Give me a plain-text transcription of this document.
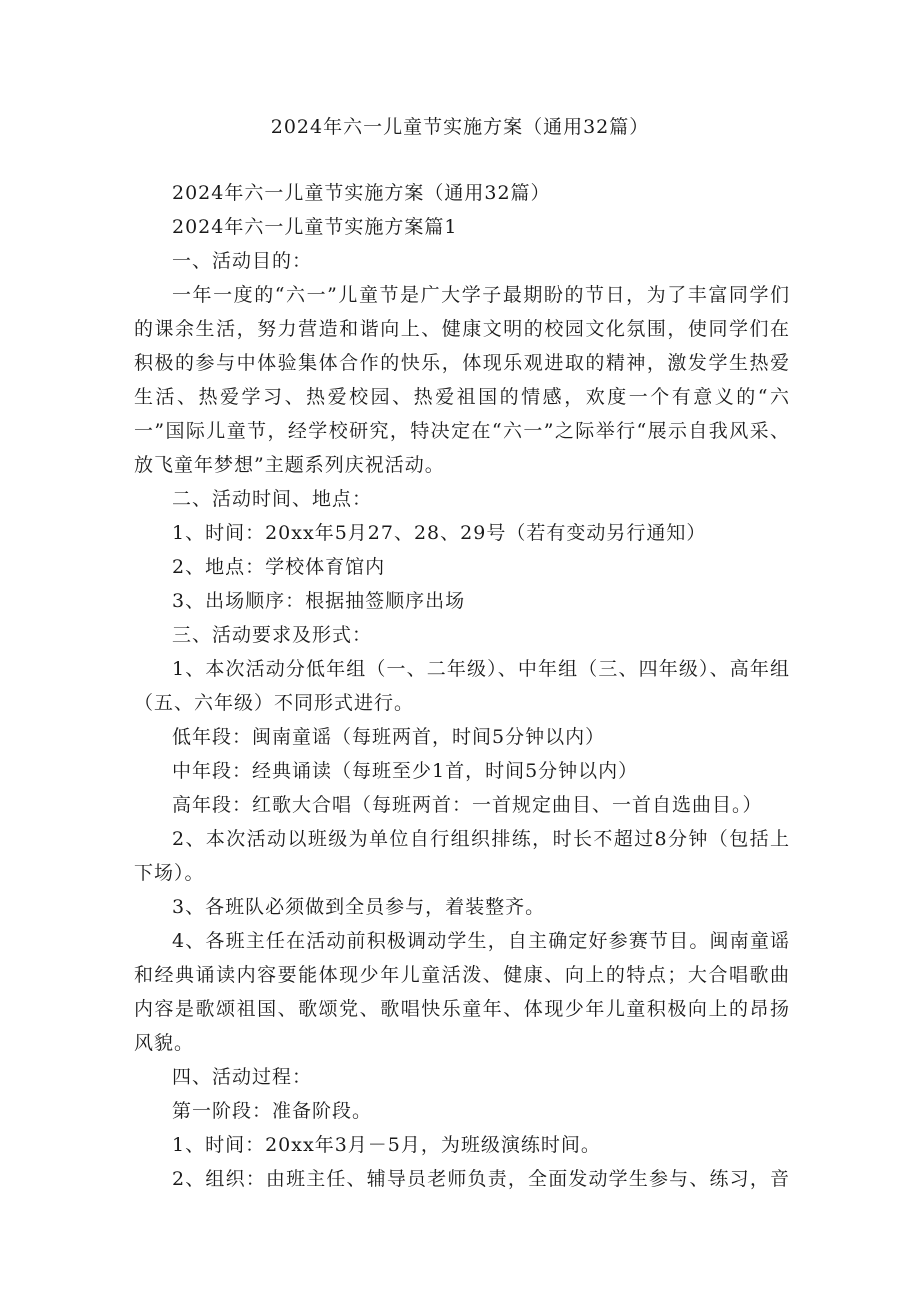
2024年六一儿童节实施方案（通用32篇）

2024年六一儿童节实施方案（通用32篇）

2024年六一儿童节实施方案篇1

一、活动目的：

一年一度的“六一”儿童节是广大学子最期盼的节日，为了丰富同学们的课余生活，努力营造和谐向上、健康文明的校园文化氛围，使同学们在积极的参与中体验集体合作的快乐，体现乐观进取的精神，激发学生热爱生活、热爱学习、热爱校园、热爱祖国的情感，欢度一个有意义的“六一”国际儿童节，经学校研究，特决定在“六一”之际举行“展示自我风采、放飞童年梦想”主题系列庆祝活动。

二、活动时间、地点：

1、时间：20xx年5月27、28、29号（若有变动另行通知）

2、地点：学校体育馆内

3、出场顺序：根据抽签顺序出场

三、活动要求及形式：

1、本次活动分低年组（一、二年级）、中年组（三、四年级）、高年组（五、六年级）不同形式进行。

低年段：闽南童谣（每班两首，时间5分钟以内）

中年段：经典诵读（每班至少1首，时间5分钟以内）

高年段：红歌大合唱（每班两首：一首规定曲目、一首自选曲目。）

2、本次活动以班级为单位自行组织排练，时长不超过8分钟（包括上下场）。

3、各班队必须做到全员参与，着装整齐。

4、各班主任在活动前积极调动学生，自主确定好参赛节目。闽南童谣和经典诵读内容要能体现少年儿童活泼、健康、向上的特点；大合唱歌曲内容是歌颂祖国、歌颂党、歌唱快乐童年、体现少年儿童积极向上的昂扬风貌。

四、活动过程：

第一阶段：准备阶段。

1、时间：20xx年3月－5月，为班级演练时间。

2、组织：由班主任、辅导员老师负责，全面发动学生参与、练习，音
